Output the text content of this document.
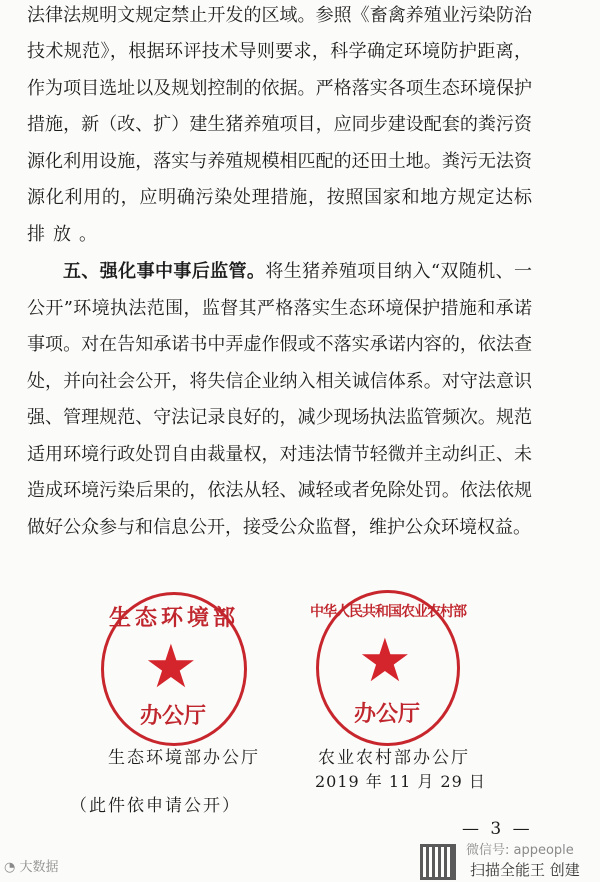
法律法规明文规定禁止开发的区域。参照《畜禽养殖业污染防治
技术规范》，根据环评技术导则要求，科学确定环境防护距离，
作为项目选址以及规划控制的依据。严格落实各项生态环境保护
措施，新（改、扩）建生猪养殖项目，应同步建设配套的粪污资
源化利用设施，落实与养殖规模相匹配的还田土地。粪污无法资
源化利用的，应明确污染处理措施，按照国家和地方规定达标
排放。
五、强化事中事后监管。将生猪养殖项目纳入“双随机、一
公开”环境执法范围，监督其严格落实生态环境保护措施和承诺
事项。对在告知承诺书中弄虚作假或不落实承诺内容的，依法查
处，并向社会公开，将失信企业纳入相关诚信体系。对守法意识
强、管理规范、守法记录良好的，减少现场执法监管频次。规范
适用环境行政处罚自由裁量权，对违法情节轻微并主动纠正、未
造成环境污染后果的，依法从轻、减轻或者免除处罚。依法依规
做好公众参与和信息公开，接受公众监督，维护公众环境权益。
生态环境部
★
办公厅
中华人民共和国农业农村部
★
办公厅
生态环境部办公厅	农业农村部办公厅
2019 年 11 月 29 日
（此件依申请公开）
— 3 —
◔ 大数据
微信号: appeople
扫描全能王 创建
